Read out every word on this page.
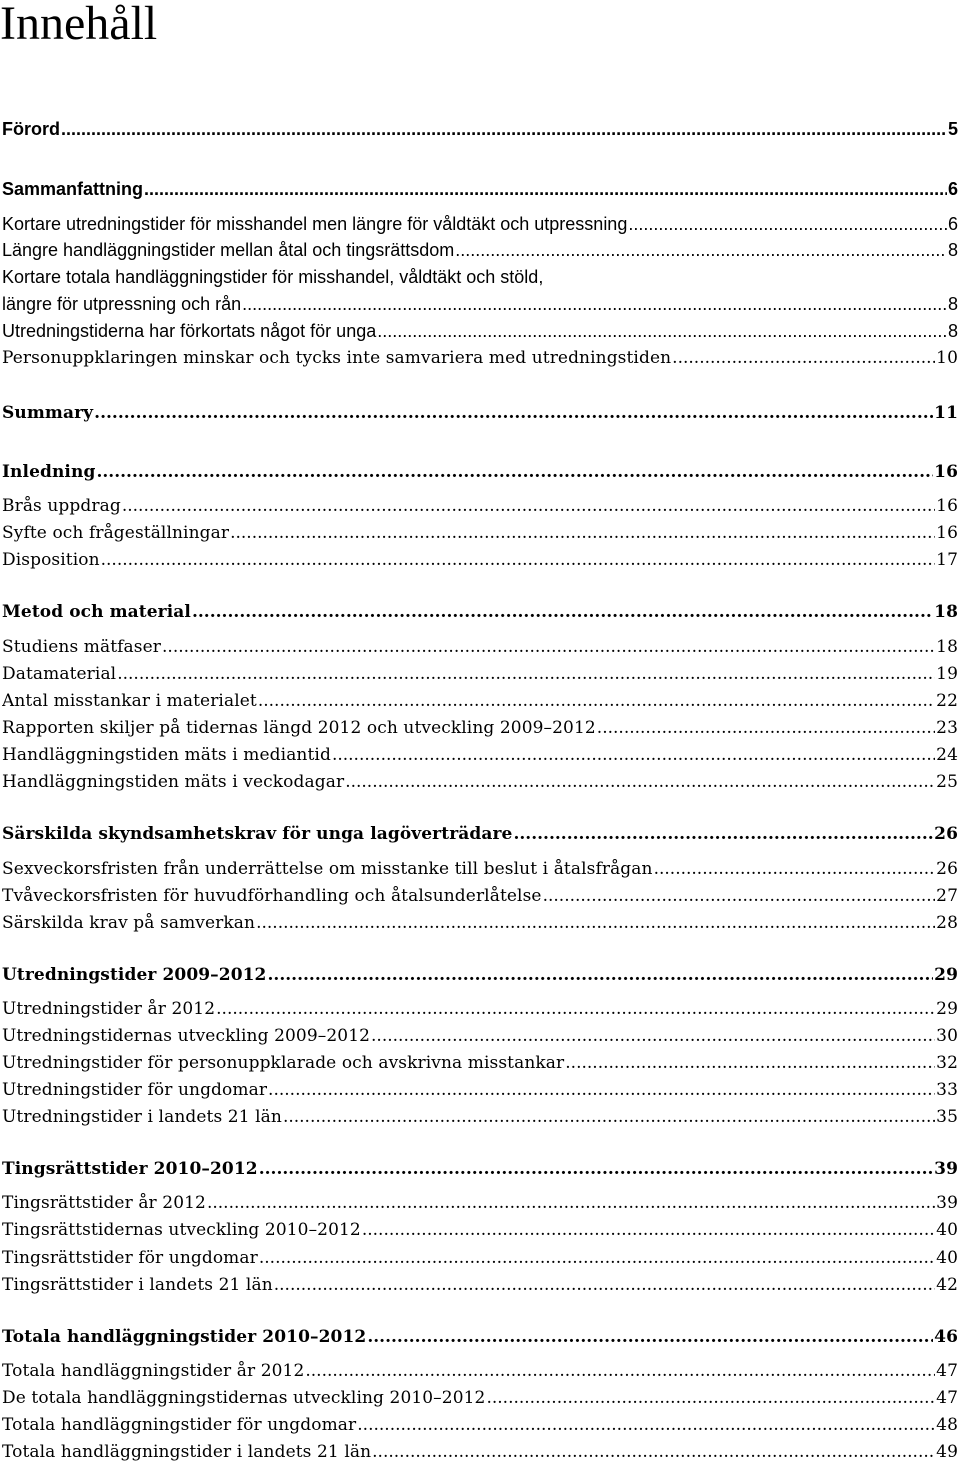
Innehåll
Förord .....	5
Sammanfattning .....	6
Kortare utredningstider för misshandel men längre för våldtäkt och utpressning .....	6
Längre handläggningstider mellan åtal och tingsrättsdom .....	8
Kortare totala handläggningstider för misshandel, våldtäkt och stöld,
längre för utpressning och rån .....	8
Utredningstiderna har förkortats något för unga .....	8
Personuppklaringen minskar och tycks inte samvariera med utredningstiden .....	10
Summary .....	11
Inledning .....	16
Brås uppdrag .....	16
Syfte och frågeställningar .....	16
Disposition .....	17
Metod och material .....	18
Studiens mätfaser .....	18
Datamaterial .....	19
Antal misstankar i materialet .....	22
Rapporten skiljer på tidernas längd 2012 och utveckling 2009–2012 .....	23
Handläggningstiden mäts i mediantid .....	24
Handläggningstiden mäts i veckodagar .....	25
Särskilda skyndsamhetskrav för unga lagöverträdare .....	26
Sexveckorsfristen från underrättelse om misstanke till beslut i åtalsfrågan .....	26
Tvåveckorsfristen för huvudförhandling och åtalsunderlåtelse .....	27
Särskilda krav på samverkan .....	28
Utredningstider 2009–2012 .....	29
Utredningstider år 2012 .....	29
Utredningstidernas utveckling 2009–2012 .....	30
Utredningstider för personuppklarade och avskrivna misstankar .....	32
Utredningstider för ungdomar .....	33
Utredningstider i landets 21 län .....	35
Tingsrättstider 2010–2012 .....	39
Tingsrättstider år 2012 .....	39
Tingsrättstidernas utveckling 2010–2012 .....	40
Tingsrättstider för ungdomar .....	40
Tingsrättstider i landets 21 län .....	42
Totala handläggningstider 2010–2012 .....	46
Totala handläggningstider år 2012 .....	47
De totala handläggningstidernas utveckling 2010–2012 .....	47
Totala handläggningstider för ungdomar .....	48
Totala handläggningstider i landets 21 län .....	49
